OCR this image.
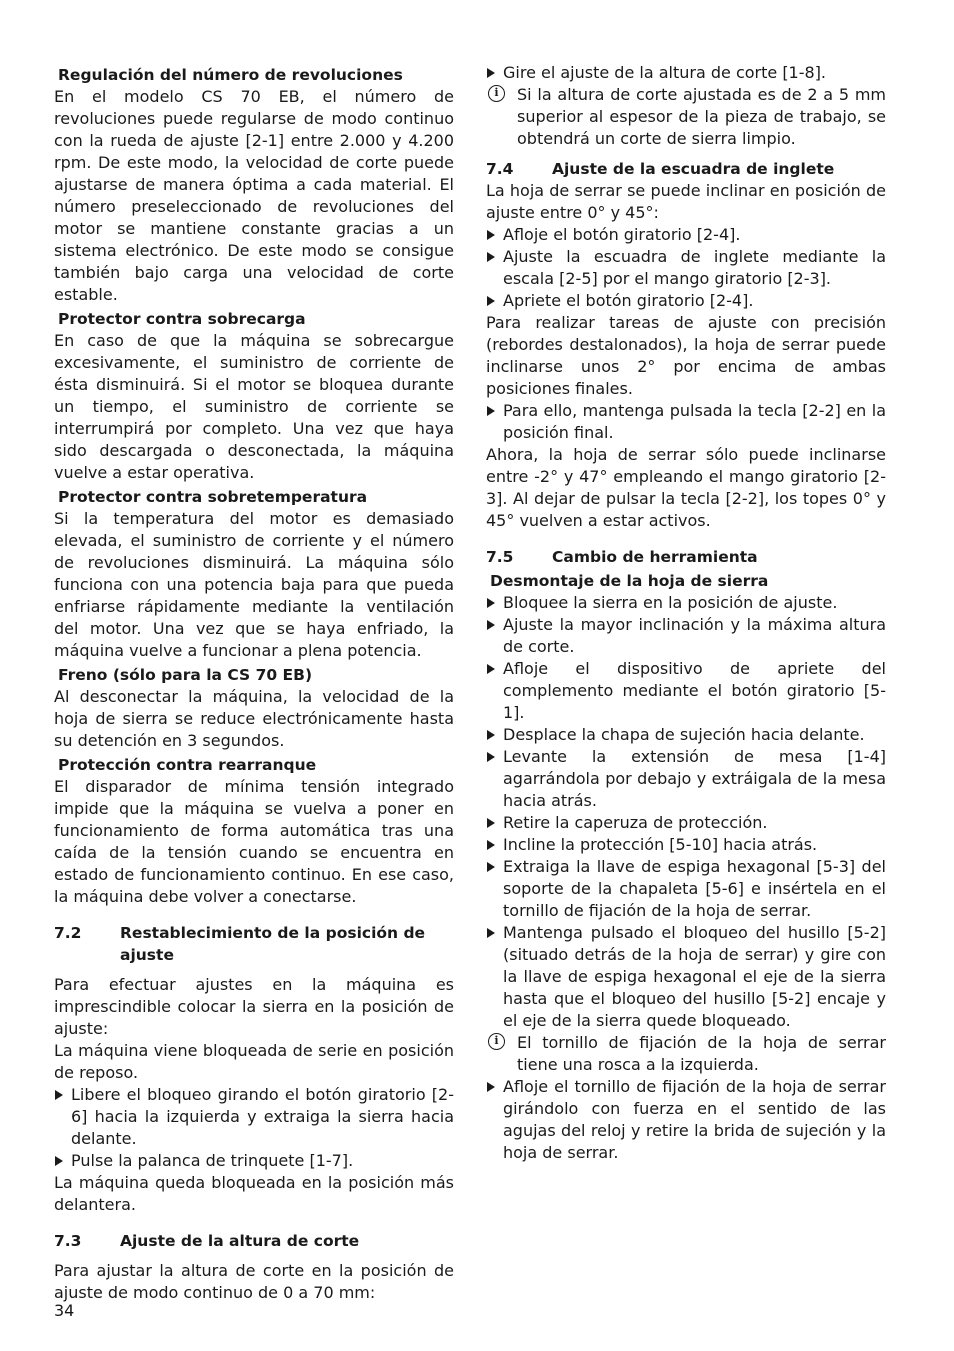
Regulación del número de revoluciones

En el modelo CS 70 EB, el número de revoluciones puede regularse de modo continuo con la rueda de ajuste [2-1] entre 2.000 y 4.200 rpm. De este modo, la velocidad de corte puede ajustarse de manera óptima a cada material. El número preseleccionado de revoluciones del motor se mantiene constante gracias a un sistema electrónico. De este modo se consigue también bajo carga una velocidad de corte estable.

Protector contra sobrecarga

En caso de que la máquina se sobrecargue excesivamente, el suministro de corriente de ésta disminuirá. Si el motor se bloquea durante un tiempo, el suministro de corriente se interrumpirá por completo. Una vez que haya sido descargada o desconectada, la máquina vuelve a estar operativa.

Protector contra sobretemperatura

Si la temperatura del motor es demasiado elevada, el suministro de corriente y el número de revoluciones disminuirá. La máquina sólo funciona con una potencia baja para que pueda enfriarse rápidamente mediante la ventilación del motor. Una vez que se haya enfriado, la máquina vuelve a funcionar a plena potencia.

Freno (sólo para la CS 70 EB)

Al desconectar la máquina, la velocidad de la hoja de sierra se reduce electrónicamente hasta su detención en 3 segundos.

Protección contra rearranque

El disparador de mínima tensión integrado impide que la máquina se vuelva a poner en funcionamiento de forma automática tras una caída de la tensión cuando se encuentra en estado de funcionamiento continuo. En ese caso, la máquina debe volver a conectarse.

7.2	Restablecimiento de la posición de ajuste

Para efectuar ajustes en la máquina es imprescindible colocar la sierra en la posición de ajuste:

La máquina viene bloqueada de serie en posición de reposo.

Libere el bloqueo girando el botón giratorio [2-6] hacia la izquierda y extraiga la sierra hacia delante.
Pulse la palanca de trinquete [1-7].

La máquina queda bloqueada en la posición más delantera.

7.3	Ajuste de la altura de corte

Para ajustar la altura de corte en la posición de ajuste de modo continuo de 0 a 70 mm:

Gire el ajuste de la altura de corte [1-8].
i	Si la altura de corte ajustada es de 2 a 5 mm superior al espesor de la pieza de trabajo, se obtendrá un corte de sierra limpio.
7.4	Ajuste de la escuadra de inglete

La hoja de serrar se puede inclinar en posición de ajuste entre 0° y 45°:

Afloje el botón giratorio [2-4].
Ajuste la escuadra de inglete mediante la escala [2-5] por el mango giratorio [2-3].
Apriete el botón giratorio [2-4].

Para realizar tareas de ajuste con precisión (rebordes destalonados), la hoja de serrar puede inclinarse unos 2° por encima de ambas posiciones finales.

Para ello, mantenga pulsada la tecla [2-2] en la posición final.

Ahora, la hoja de serrar sólo puede inclinarse entre -2° y 47° empleando el mango giratorio [2-3]. Al dejar de pulsar la tecla [2-2], los topes 0° y 45° vuelven a estar activos.

7.5	Cambio de herramienta
Desmontaje de la hoja de sierra
Bloquee la sierra en la posición de ajuste.
Ajuste la mayor inclinación y la máxima altura de corte.
Afloje el dispositivo de apriete del complemento mediante el botón giratorio [5-1].
Desplace la chapa de sujeción hacia delante.
Levante la extensión de mesa [1-4] agarrándola por debajo y extráigala de la mesa hacia atrás.
Retire la caperuza de protección.
Incline la protección [5-10] hacia atrás.
Extraiga la llave de espiga hexagonal [5-3] del soporte de la chapaleta [5-6] e insértela en el tornillo de fijación de la hoja de serrar.
Mantenga pulsado el bloqueo del husillo [5-2] (situado detrás de la hoja de serrar) y gire con la llave de espiga hexagonal el eje de la sierra hasta que el bloqueo del husillo [5-2] encaje y el eje de la sierra quede bloqueado.
i	El tornillo de fijación de la hoja de serrar tiene una rosca a la izquierda.
Afloje el tornillo de fijación de la hoja de serrar girándolo con fuerza en el sentido de las agujas del reloj y retire la brida de sujeción y la hoja de serrar.
34
